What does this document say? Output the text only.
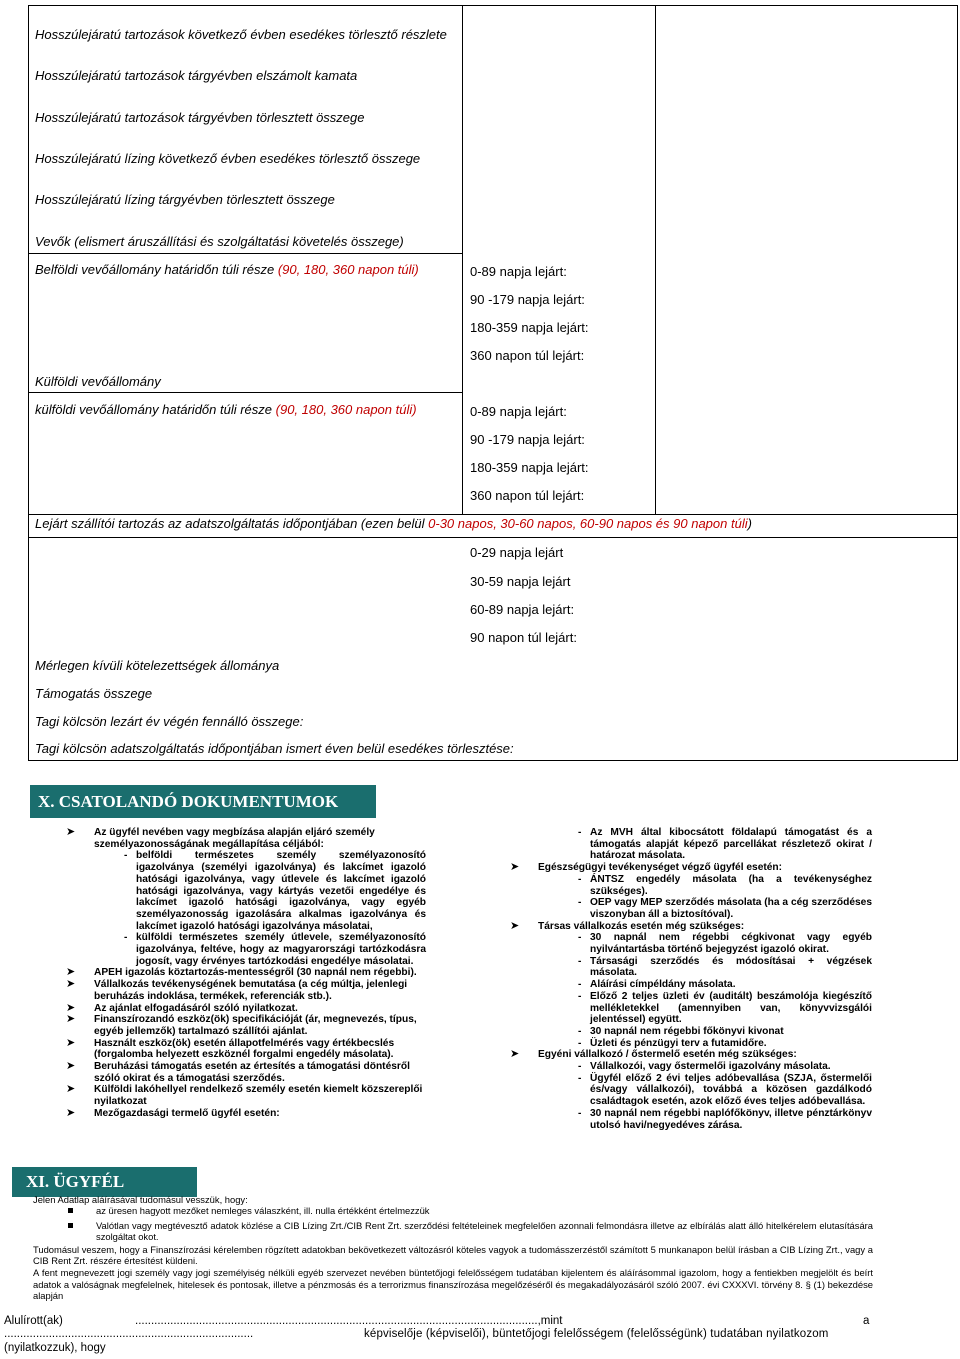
Hosszúlejáratú tartozások következő évben esedékes törlesztő részlete
Hosszúlejáratú tartozások tárgyévben elszámolt kamata
Hosszúlejáratú tartozások tárgyévben törlesztett összege
Hosszúlejáratú lízing következő évben esedékes törlesztő összege
Hosszúlejáratú lízing tárgyévben törlesztett összege
Vevők (elismert áruszállítási és szolgáltatási követelés összege)
Belföldi vevőállomány határidőn túli része (90, 180, 360 napon túli)	0-89 napja lejárt:
90 -179 napja lejárt:
180-359 napja lejárt:
360 napon túl lejárt:
Külföldi vevőállomány
külföldi vevőállomány határidőn túli része (90, 180, 360 napon túli)	0-89 napja lejárt:
90 -179 napja lejárt:
180-359 napja lejárt:
360 napon túl lejárt:
Lejárt szállítói tartozás az adatszolgáltatás időpontjában (ezen belül 0-30 napos, 30-60 napos, 60-90 napos és 90 napon túli)
0-29 napja lejárt
30-59 napja lejárt
60-89 napja lejárt:
90 napon túl lejárt:
Mérlegen kívüli kötelezettségek állománya
Támogatás összege
Tagi kölcsön lezárt év végén fennálló összege:
Tagi kölcsön adatszolgáltatás időpontjában ismert éven belül esedékes törlesztése:
X. CSATOLANDÓ DOKUMENTUMOK
➤ Az ügyfél nevében vagy megbízása alapján eljáró személy személyazonosságának megállapítása céljából:

- belföldi természetes személy személyazonosító igazolványa (személyi igazolványa) és lakcímet igazoló hatósági igazolványa, vagy útlevele és lakcímet igazoló hatósági igazolványa, vagy kártyás vezetői engedélye és lakcímet igazoló hatósági igazolványa, vagy egyéb személyazonosság igazolására alkalmas igazolványa és lakcímet igazoló hatósági igazolványa másolatai,
- külföldi természetes személy útlevele, személyazonosító igazolványa, feltéve, hogy az magyarországi tartózkodásra jogosít, vagy érvényes tartózkodási engedélye másolatai.
➤ APEH igazolás köztartozás-mentességről (30 napnál nem régebbi).

➤ Vállalkozás tevékenységének bemutatása (a cég múltja, jelenlegi beruházás indoklása, termékek, referenciák stb.).

➤ Az ajánlat elfogadásáról szóló nyilatkozat.

➤ Finanszírozandó eszköz(ök) specifikációját (ár, megnevezés, típus, egyéb jellemzők) tartalmazó szállítói ajánlat.

➤ Használt eszköz(ök) esetén állapotfelmérés vagy értékbecslés (forgalomba helyezett eszköznél forgalmi engedély másolata).

➤ Beruházási támogatás esetén az értesítés a támogatási döntésről szóló okirat és a támogatási szerződés.

➤ Külföldi lakóhellyel rendelkező személy esetén kiemelt közszereplői nyilatkozat

➤ Mezőgazdasági termelő ügyfél esetén:

- Az MVH által kibocsátott földalapú támogatást és a támogatás alapját képező parcellákat részletező okirat / határozat másolata.
➤ Egészségügyi tevékenységet végző ügyfél esetén:

- ÁNTSZ engedély másolata (ha a tevékenységhez szükséges).
- OEP vagy MEP szerződés másolata (ha a cég szerződéses viszonyban áll a biztosítóval).
➤ Társas vállalkozás esetén még szükséges:

- 30 napnál nem régebbi cégkivonat vagy egyéb nyilvántartásba történő bejegyzést igazoló okirat.
- Társasági szerződés és módosításai + végzések másolata.
- Aláírási címpéldány másolata.
- Előző 2 teljes üzleti év (auditált) beszámolója kiegészítő mellékletekkel (amennyiben van, könyvvizsgálói jelentéssel) együtt.
- 30 napnál nem régebbi főkönyvi kivonat
- Üzleti és pénzügyi terv a futamidőre.
➤ Egyéni vállalkozó / őstermelő esetén még szükséges:

- Vállalkozói, vagy őstermelői igazolvány másolata.
- Ügyfél előző 2 évi teljes adóbevallása (SZJA, őstermelői és/vagy vállalkozói), továbbá a közösen gazdálkodó családtagok esetén, azok előző éves teljes adóbevallása.
- 30 napnál nem régebbi naplófőkönyv, illetve pénztárkönyv utolsó havi/negyedéves zárása.
XI. ÜGYFÉL
Jelen Adatlap aláírásával tudomásul vesszük, hogy:
az üresen hagyott mezőket nemleges válaszként, ill. nulla értékként értelmezzük
Valótlan vagy megtévesztő adatok közlése a CIB Lízing Zrt./CIB Rent Zrt. szerződési feltételeinek megfelelően azonnali felmondásra illetve az elbírálás alatt álló hitelkérelem elutasítására szolgáltat okot.
Tudomásul veszem, hogy a Finanszírozási kérelemben rögzített adatokban bekövetkezett változásról köteles vagyok a tudomásszerzéstől számított 5 munkanapon belül írásban a CIB Lízing Zrt., vagy a CIB Rent Zrt. részére értesítést küldeni.
A fent megnevezett jogi személy vagy jogi személyiség nélküli egyéb szervezet nevében büntetőjogi felelősségem tudatában kijelentem és aláírásommal igazolom, hogy a fentiekben megjelölt és beírt adatok a valóságnak megfelelnek, hitelesek és pontosak, illetve a pénzmosás és a terrorizmus finanszírozása megelőzéséről és megakadályozásáról szóló 2007. évi CXXXVI. törvény 8. § (1) bekezdése alapján
Alulírott(ak)	..............................................................................................................................,mint	a
..............................................................................	képviselője (képviselői), büntetőjogi felelősségem (felelősségünk) tudatában nyilatkozom
(nyilatkozzuk), hogy
